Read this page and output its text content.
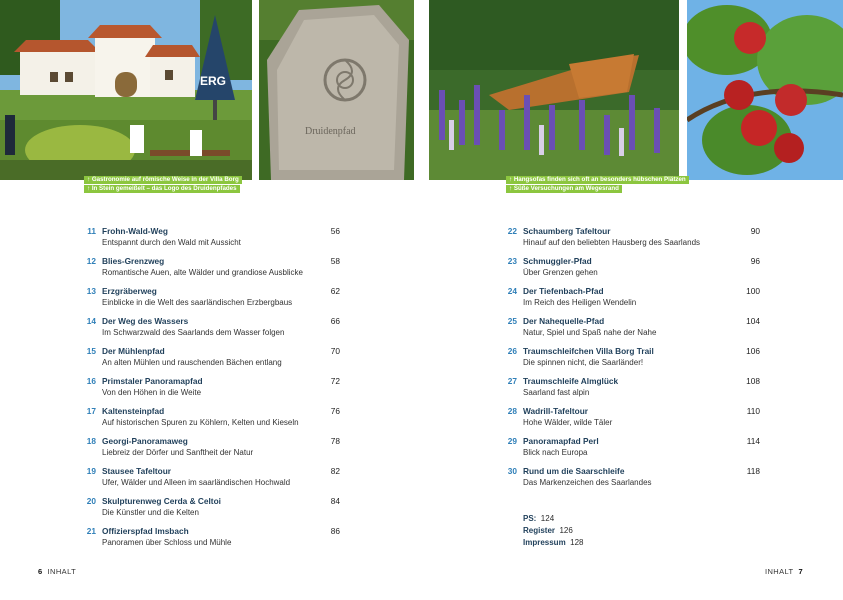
ERG
Druidenpfad
↑ Gastronomie auf römische Weise in der Villa Borg
↑ In Stein gemeißelt – das Logo des Druidenpfades
↑ Hangsofas finden sich oft an besonders hübschen Plätzen
↑ Süße Versuchungen am Wegesrand
11 Frohn-Wald-Weg
Entspannt durch den Wald mit Aussicht
56
12 Blies-Grenzweg
Romantische Auen, alte Wälder und grandiose Ausblicke
58
13 Erzgräberweg
Einblicke in die Welt des saarländischen Erzbergbaus
62
14 Der Weg des Wassers
Im Schwarzwald des Saarlands dem Wasser folgen
66
15 Der Mühlenpfad
An alten Mühlen und rauschenden Bächen entlang
70
16 Primstaler Panoramapfad
Von den Höhen in die Weite
72
17 Kaltensteinpfad
Auf historischen Spuren zu Köhlern, Kelten und Kieseln
76
18 Georgi-Panoramaweg
Liebreiz der Dörfer und Sanftheit der Natur
78
19 Stausee Tafeltour
Ufer, Wälder und Alleen im saarländischen Hochwald
82
20 Skulpturenweg Cerda & Celtoi
Die Künstler und die Kelten
84
21 Offizierspfad Imsbach
Panoramen über Schloss und Mühle
86
22 Schaumberg Tafeltour
Hinauf auf den beliebten Hausberg des Saarlands
90
23 Schmuggler-Pfad
Über Grenzen gehen
96
24 Der Tiefenbach-Pfad
Im Reich des Heiligen Wendelin
100
25 Der Nahequelle-Pfad
Natur, Spiel und Spaß nahe der Nahe
104
26 Traumschleifchen Villa Borg Trail
Die spinnen nicht, die Saarländer!
106
27 Traumschleife Almglück
Saarland fast alpin
108
28 Wadrill-Tafeltour
Hohe Wälder, wilde Täler
110
29 Panoramapfad Perl
Blick nach Europa
114
30 Rund um die Saarschleife
Das Markenzeichen des Saarlandes
118
PS: 124
Register 126
Impressum 128
6 INHALT	INHALT 7
